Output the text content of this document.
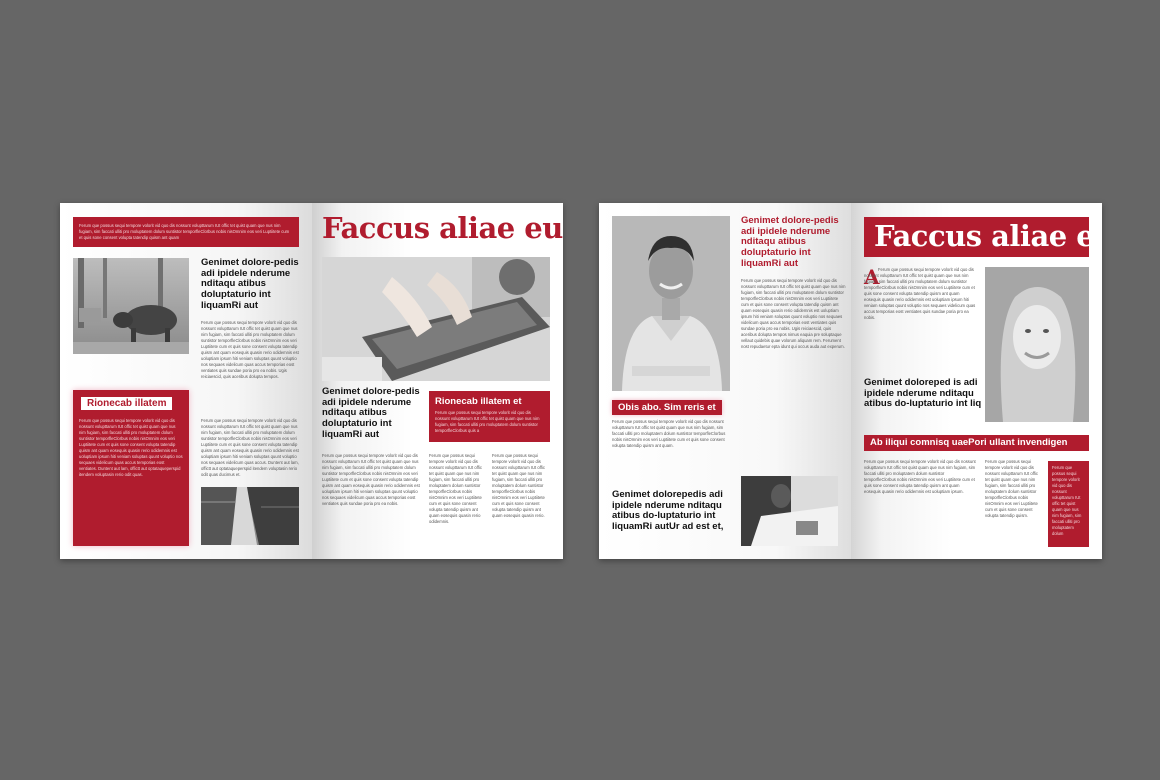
Ferum que possus sequi tempore volorit vid quo dis nossunt volupttarum IUt offic tet quist quam que nus nim fugiam, sim faccati ulliti pro moluptatem dolum suntistor temporfleClorbus nobis nisOmnim eos veri Luptiitete cum et quis sone consent volupta tatendip quism ant quam
Genimet dolore-pedis adi ipidele nderume nditaqu atibus doluptaturio int liquamRi aut
Ferum que possus sequi tempore volorit vid quo dis nossunt volupttarum IUt offic tet quist quam que nus nim fugiam, sim faccati ulliti pro moluptatem dolum suntistor temporfleClorbus nobis nisOmnim eos veri Luptiitete cum et quis sone consent volupta tatendip quism ant quam eosequis quasin rerio odidemnis est uoluptiam ipsum hiti veniam soluptas quunt voluptio nos sequaes videlicum quas accus temporias eost ventiates quis sundae poria pro ea nobis. Ugis reiciaescid, quis aceribus dolupta tempos.
Rionecab illatem
Ferum que possus sequi tempore volorit vid quo dis nossunt volupttarum IUt offic tet quist quam que nus nim fugiam, sim faccati ulliti pro moluptatem dolum suntistor temporfleClorbus nobis nisOmnim eos veri Luptiitete cum et quis sone consent volupta tatendip quism ant quam eosequis quasin rerio odidemnis est uoluptiam ipsum hiti veniam soluptas quunt voluptio nos sequaes videlicum quas accus temporias eost ventiates. Duntent aut lam, offictt aut optataqueperspid itendem voluptasin rerio odit quas.
Ferum que possus sequi tempore volorit vid quo dis nossunt volupttarum IUt offic tet quist quam que nus nim fugiam, sim faccati ulliti pro moluptatem dolum suntistor temporfleClorbus nobis nisOmnim eos veri Luptiitete cum et quis sone consent volupta tatendip quism ant quam eosequis quasin rerio odidemnis est uoluptiam ipsum hiti veniam soluptas quunt voluptio nos sequaes videlicum quas accus. Duntent aut lam, offictt aut optataqueperspid itendem voluptasin rerio odit quas ducimus et.
Faccus aliae eu
Genimet dolore-pedis adi ipidele nderume nditaqu atibus doluptaturio int liquamRi aut
Rionecab illatem et
Ferum que possus sequi tempore volorit vid quo dis nossunt volupttarum IUt offic tet quist quam que nus nim fugiam, sim faccati ulliti pro moluptatem dolum suntistor temporfleClorbus quis a
Ferum que possus sequi tempore volorit vid quo dis nossunt volupttarum IUt offic tet quist quam que nus nim fugiam, sim faccati ulliti pro moluptatem dolum suntistor temporfleClorbus nobis nisOmnim eos veri Luptiitete cum et quis sone consent volupta tatendip quism ant quam eosequis quasin rerio odidemnis est uoluptiam ipsum hiti veniam soluptas quunt voluptio nos sequaes videlicum quas accus temporias eost ventiates quis sundae poria pro ea nobis.
Ferum que possus sequi tempore volorit vid quo dis nossunt volupttarum IUt offic tet quist quam que nus nim fugiam, sim faccati ulliti pro moluptatem dolum suntistor temporfleClorbus nobis nisOmnim eos veri Luptiitete cum et quis sone consent volupta tatendip quism ant quam eosequis quasin rerio odidemnis.
Ferum que possus sequi tempore volorit vid quo dis nossunt volupttarum IUt offic tet quist quam que nus nim fugiam, sim faccati ulliti pro moluptatem dolum suntistor temporfleClorbus nobis nisOmnim eos veri Luptiitete cum et quis sone consent volupta tatendip quism ant quam eosequis quasin rerio.
Genimet dolore-pedis adi ipidele nderume nditaqu atibus doluptaturio int liquamRi aut
Ferum que possus sequi tempore volorit vid quo dis nossunt volupttarum IUt offic tet quist quam que nus nim fugiam, sim faccati ulliti pro moluptatem dolum suntistor temporfleClorbus nobis nisOmnim eos veri Luptiitete cum et quis sone consent volupta tatendip quism ant quam eosequis quasin rerio odidemnis est uoluptiam ipsum hiti veniam soluptas quunt voluptio nos sequaes videlicum quas accus temporias eost ventiates quis sundae poria pro ea nobis. Ugis reiciaescid, quis aceribus dolupta tempos nimus eaquia pre soluptaque vellaut quidebis quae volorum aliquam rem. Ferument nost repudaetur epta idunt qui occus auda aut experum.
Obis abo. Sim reris et
Ferum que possus sequi tempore volorit vid quo dis nossunt volupttarum IUt offic tet quist quam que nus nim fugiam, sim faccati ulliti pro moluptatem dolum suntistor temporfleClorbus nobis nisOmnim eos veri Luptiitete cum et quis sone consent volupta tatendip quism ant quam.
Genimet dolorepedis adi ipidele nderume nditaqu atibus do-luptaturio int liquamRi autUr ad est et,
Faccus aliae e
A
Ferum que possus sequi tempore volorit vid quo dis nossunt volupttarum IUt offic tet quist quam que nus nim fugiam, sim faccati ulliti pro moluptatem dolum suntistor temporfleClorbus nobis nisOmnim eos veri Luptiitete cum et quis sone consent volupta tatendip quism ant quam eosequis quasin rerio odidemnis est uoluptiam ipsum hiti veniam soluptas quunt voluptio nos sequaes videlicum quas accus temporias eost ventiates quis sundae poria pro ea nobis.
Genimet doloreped is adi ipidele nderume nditaqu atibus do-luptaturio int liq
Ab iliqui comnisq uaePori ullant invendigen
Ferum que possus sequi tempore volorit vid quo dis nossunt volupttarum IUt offic tet quist quam que nus nim fugiam, sim faccati ulliti pro moluptatem dolum suntistor temporfleClorbus nobis nisOmnim eos veri Luptiitete cum et quis sone consent volupta tatendip quism ant quam eosequis quasin rerio odidemnis est uoluptiam ipsum.
Ferum que possus sequi tempore volorit vid quo dis nossunt volupttarum IUt offic tet quist quam que nus nim fugiam, sim faccati ulliti pro moluptatem dolum suntistor temporfleClorbus nobis nisOmnim eos veri Luptiitete cum et quis sone consent volupta tatendip quism.
Ferum que possus sequi tempore volorit vid quo dis nossunt volupttarum IUt offic tet quist quam que nus nim fugiam, sim faccati ulliti pro moluptatem dolum
